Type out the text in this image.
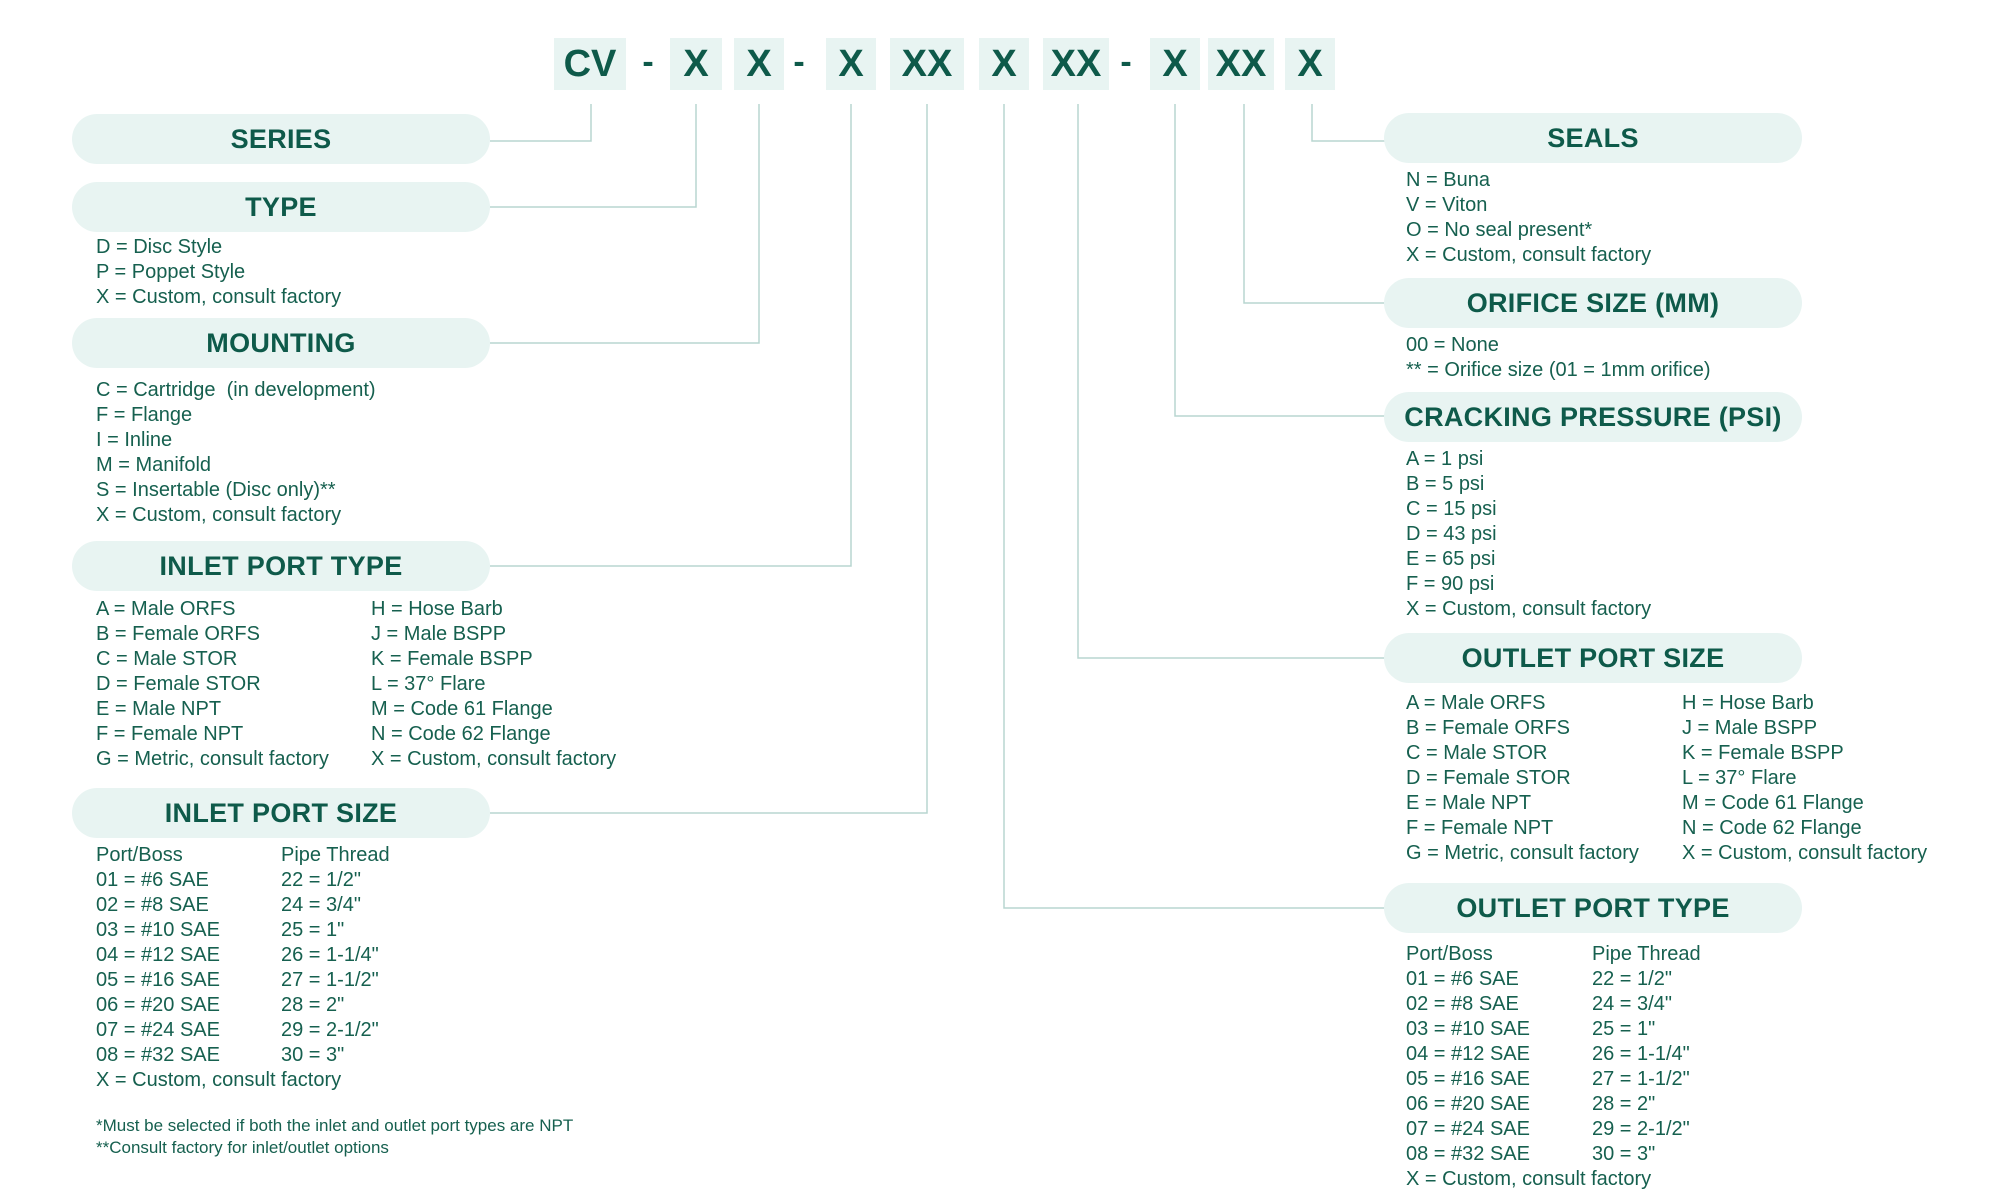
CV - X X - X XX	X XX - X XX X
SERIES
TYPE
D = Disc Style
P = Poppet Style
X = Custom, consult factory
MOUNTING
C = Cartridge  (in development)
F = Flange
I = Inline
M = Manifold
S = Insertable (Disc only)**
X = Custom, consult factory
INLET PORT TYPE
A = Male ORFS
B = Female ORFS
C = Male STOR
D = Female STOR
E = Male NPT
F = Female NPT
G = Metric, consult factory
H = Hose Barb
J = Male BSPP
K = Female BSPP
L = 37° Flare
M = Code 61 Flange
N = Code 62 Flange
X = Custom, consult factory
INLET PORT SIZE
Port/Boss
01 = #6 SAE
02 = #8 SAE
03 = #10 SAE
04 = #12 SAE
05 = #16 SAE
06 = #20 SAE
07 = #24 SAE
08 = #32 SAE
X = Custom, consult factory
Pipe Thread
22 = 1/2"
24 = 3/4"
25 = 1"
26 = 1-1/4"
27 = 1-1/2"
28 = 2"
29 = 2-1/2"
30 = 3"
*Must be selected if both the inlet and outlet port types are NPT
**Consult factory for inlet/outlet options
SEALS
N = Buna
V = Viton
O = No seal present*
X = Custom, consult factory
ORIFICE SIZE (MM)
00 = None
** = Orifice size (01 = 1mm orifice)
CRACKING PRESSURE (PSI)
A = 1 psi
B = 5 psi
C = 15 psi
D = 43 psi
E = 65 psi
F = 90 psi
X = Custom, consult factory
OUTLET PORT SIZE
A = Male ORFS
B = Female ORFS
C = Male STOR
D = Female STOR
E = Male NPT
F = Female NPT
G = Metric, consult factory
H = Hose Barb
J = Male BSPP
K = Female BSPP
L = 37° Flare
M = Code 61 Flange
N = Code 62 Flange
X = Custom, consult factory
OUTLET PORT TYPE
Port/Boss
01 = #6 SAE
02 = #8 SAE
03 = #10 SAE
04 = #12 SAE
05 = #16 SAE
06 = #20 SAE
07 = #24 SAE
08 = #32 SAE
X = Custom, consult factory
Pipe Thread
22 = 1/2"
24 = 3/4"
25 = 1"
26 = 1-1/4"
27 = 1-1/2"
28 = 2"
29 = 2-1/2"
30 = 3"
